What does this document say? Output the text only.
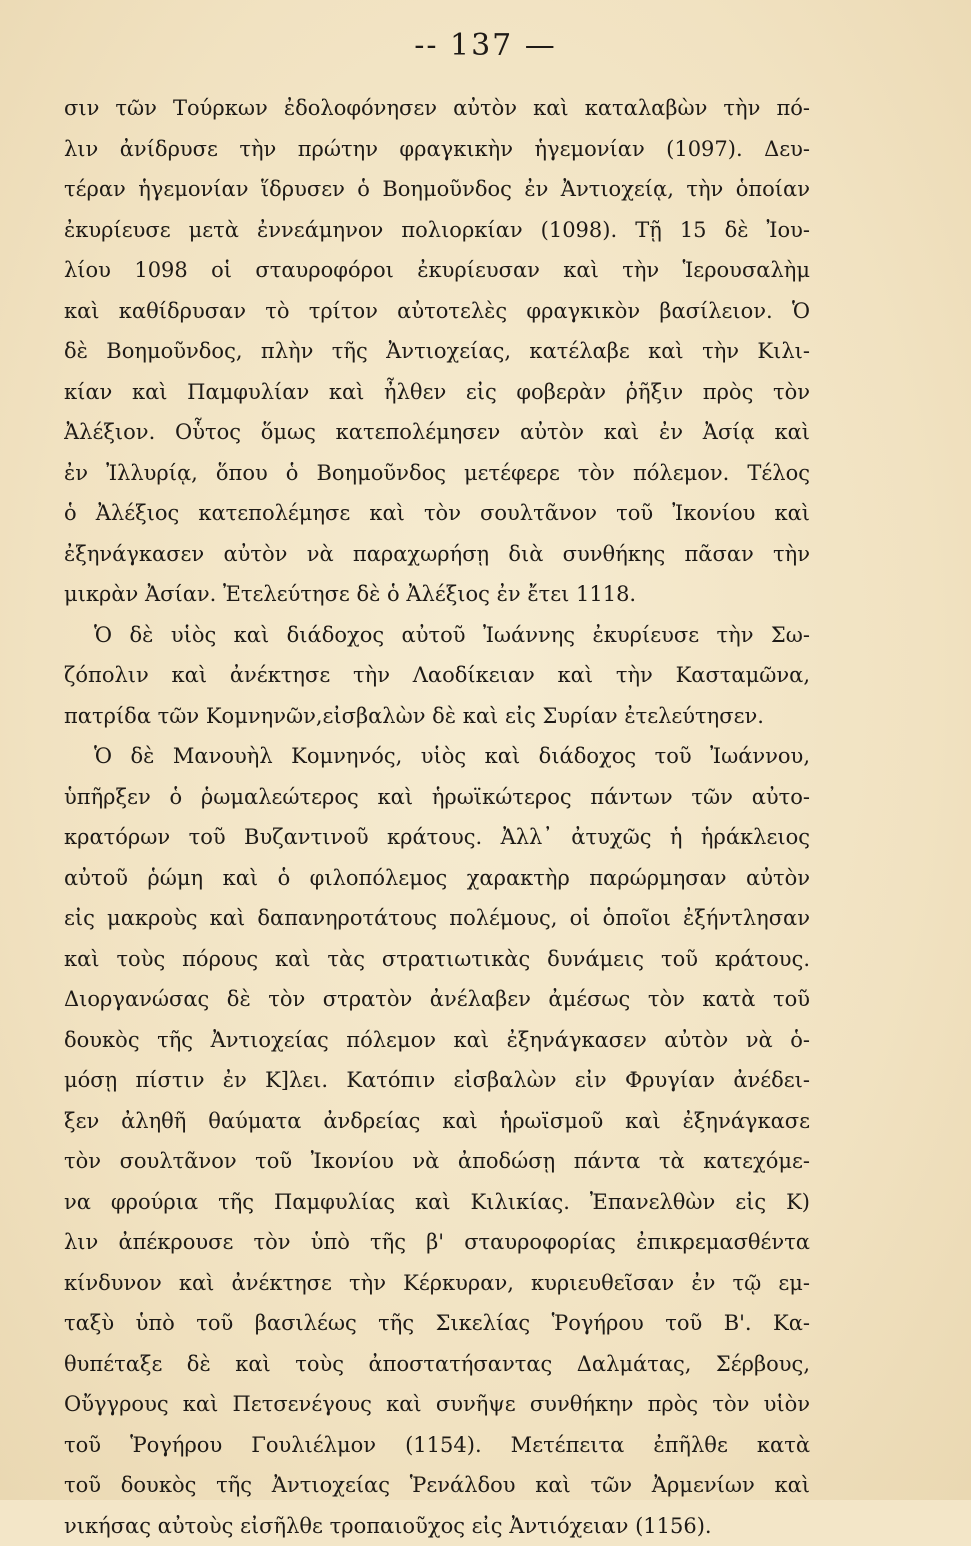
-- 137 —
σιν τῶν Τούρκων ἐδολοφόνησεν αὐτὸν καὶ καταλαβὼν τὴν πό-
λιν ἀνίδρυσε τὴν πρώτην φραγκικὴν ἡγεμονίαν (1097). Δευ-
τέραν ἡγεμονίαν ἵδρυσεν ὁ Βοημοῦνδος ἐν Ἀντιοχείᾳ, τὴν ὁποίαν
ἐκυρίευσε μετὰ ἐννεάμηνον πολιορκίαν (1098). Τῇ 15 δὲ Ἰου-
λίου 1098 οἱ σταυροφόροι ἐκυρίευσαν καὶ τὴν Ἱερουσαλὴμ
καὶ καθίδρυσαν τὸ τρίτον αὐτοτελὲς φραγκικὸν βασίλειον. Ὁ
δὲ Βοημοῦνδος, πλὴν τῆς Ἀντιοχείας, κατέλαβε καὶ τὴν Κιλι-
κίαν καὶ Παμφυλίαν καὶ ἦλθεν εἰς φοβερὰν ῥῆξιν πρὸς τὸν
Ἀλέξιον. Οὗτος ὅμως κατεπολέμησεν αὐτὸν καὶ ἐν Ἀσίᾳ καὶ
ἐν Ἰλλυρίᾳ, ὅπου ὁ Βοημοῦνδος μετέφερε τὸν πόλεμον. Τέλος
ὁ Ἀλέξιος κατεπολέμησε καὶ τὸν σουλτᾶνον τοῦ Ἰκονίου καὶ
ἐξηνάγκασεν αὐτὸν νὰ παραχωρήσῃ διὰ συνθήκης πᾶσαν τὴν
μικρὰν Ἀσίαν. Ἐτελεύτησε δὲ ὁ Ἀλέξιος ἐν ἔτει 1118.
Ὁ δὲ υἱὸς καὶ διάδοχος αὐτοῦ Ἰωάννης ἐκυρίευσε τὴν Σω-
ζόπολιν καὶ ἀνέκτησε τὴν Λαοδίκειαν καὶ τὴν Κασταμῶνα,
πατρίδα τῶν Κομνηνῶν,εἰσβαλὼν δὲ καὶ εἰς Συρίαν ἐτελεύτησεν.
Ὁ δὲ Μανουὴλ Κομνηνός, υἱὸς καὶ διάδοχος τοῦ Ἰωάννου,
ὑπῆρξεν ὁ ῥωμαλεώτερος καὶ ἡρωϊκώτερος πάντων τῶν αὐτο-
κρατόρων τοῦ Βυζαντινοῦ κράτους. Ἀλλ᾽ ἀτυχῶς ἡ ἡράκλειος
αὐτοῦ ῥώμη καὶ ὁ φιλοπόλεμος χαρακτὴρ παρώρμησαν αὐτὸν
εἰς μακροὺς καὶ δαπανηροτάτους πολέμους, οἱ ὁποῖοι ἐξήντλησαν
καὶ τοὺς πόρους καὶ τὰς στρατιωτικὰς δυνάμεις τοῦ κράτους.
Διοργανώσας δὲ τὸν στρατὸν ἀνέλαβεν ἀμέσως τὸν κατὰ τοῦ
δουκὸς τῆς Ἀντιοχείας πόλεμον καὶ ἐξηνάγκασεν αὐτὸν νὰ ὁ-
μόσῃ πίστιν ἐν Κ]λει. Κατόπιν εἰσβαλὼν εἰν Φρυγίαν ἀνέδει-
ξεν ἀληθῆ θαύματα ἀνδρείας καὶ ἡρωϊσμοῦ καὶ ἐξηνάγκασε
τὸν σουλτᾶνον τοῦ Ἰκονίου νὰ ἀποδώσῃ πάντα τὰ κατεχόμε-
να φρούρια τῆς Παμφυλίας καὶ Κιλικίας. Ἐπανελθὼν εἰς Κ)
λιν ἀπέκρουσε τὸν ὑπὸ τῆς β' σταυροφορίας ἐπικρεμασθέντα
κίνδυνον καὶ ἀνέκτησε τὴν Κέρκυραν, κυριευθεῖσαν ἐν τῷ εμ-
ταξὺ ὑπὸ τοῦ βασιλέως τῆς Σικελίας Ῥογήρου τοῦ Β'. Κα-
θυπέταξε δὲ καὶ τοὺς ἀποστατήσαντας Δαλμάτας, Σέρβους,
Οὔγγρους καὶ Πετσενέγους καὶ συνῆψε συνθήκην πρὸς τὸν υἱὸν
τοῦ Ῥογήρου Γουλιέλμον (1154). Μετέπειτα ἐπῆλθε κατὰ
τοῦ δουκὸς τῆς Ἀντιοχείας Ῥενάλδου καὶ τῶν Ἀρμενίων καὶ
νικήσας αὐτοὺς εἰσῆλθε τροπαιοῦχος εἰς Ἀντιόχειαν (1156).
